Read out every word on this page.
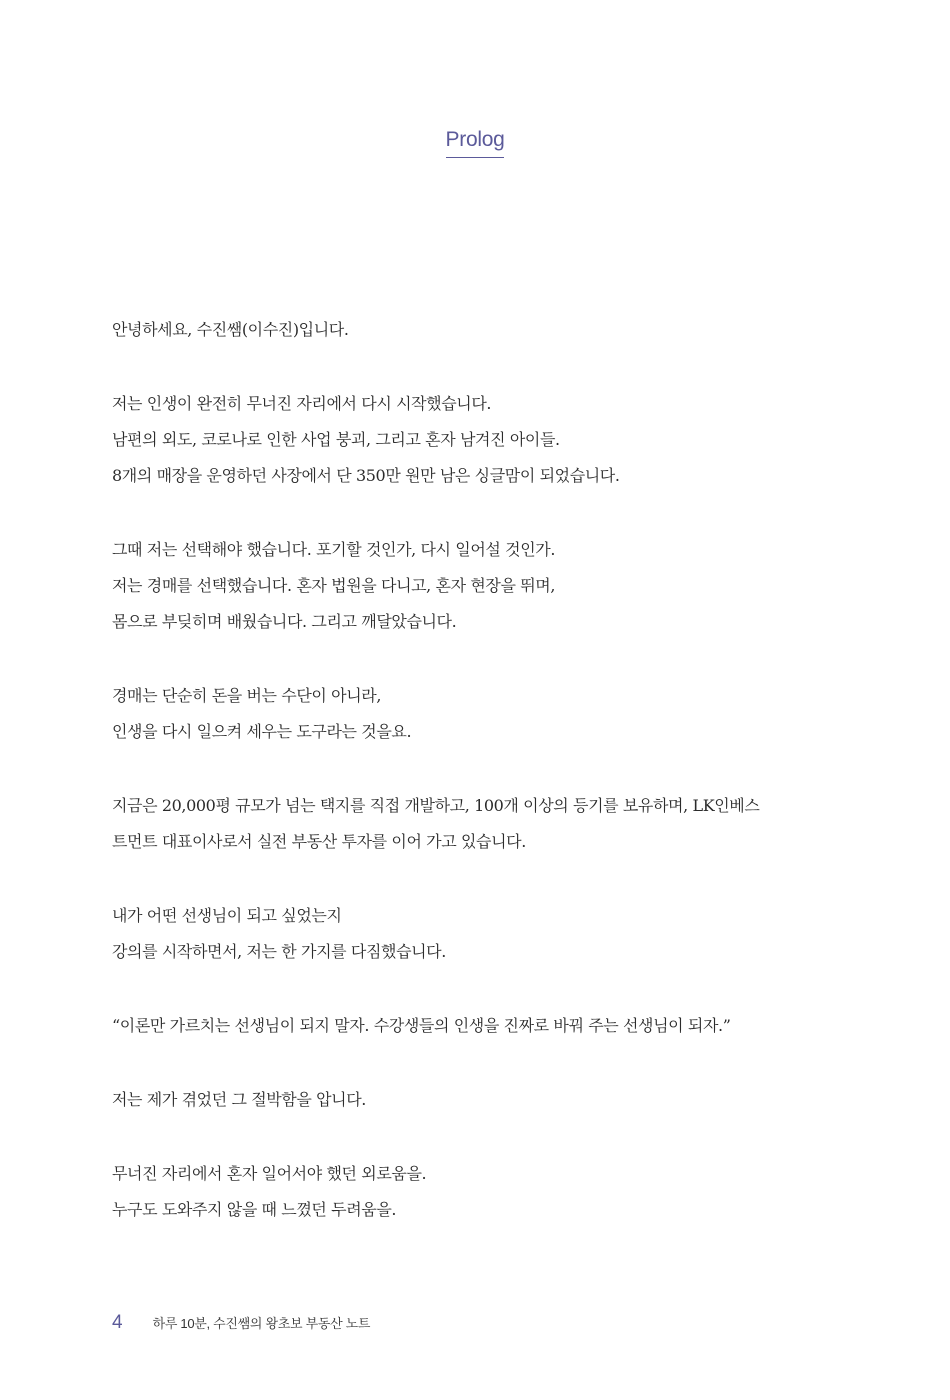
Prolog
안녕하세요, 수진쌤(이수진)입니다.
저는 인생이 완전히 무너진 자리에서 다시 시작했습니다.
남편의 외도, 코로나로 인한 사업 붕괴, 그리고 혼자 남겨진 아이들.
8개의 매장을 운영하던 사장에서 단 350만 원만 남은 싱글맘이 되었습니다.
그때 저는 선택해야 했습니다. 포기할 것인가, 다시 일어설 것인가.
저는 경매를 선택했습니다. 혼자 법원을 다니고, 혼자 현장을 뛰며,
몸으로 부딪히며 배웠습니다. 그리고 깨달았습니다.
경매는 단순히 돈을 버는 수단이 아니라,
인생을 다시 일으켜 세우는 도구라는 것을요.
지금은 20,000평 규모가 넘는 택지를 직접 개발하고, 100개 이상의 등기를 보유하며, LK인베스
트먼트 대표이사로서 실전 부동산 투자를 이어 가고 있습니다.
내가 어떤 선생님이 되고 싶었는지
강의를 시작하면서, 저는 한 가지를 다짐했습니다.
“이론만 가르치는 선생님이 되지 말자. 수강생들의 인생을 진짜로 바꿔 주는 선생님이 되자.”
저는 제가 겪었던 그 절박함을 압니다.
무너진 자리에서 혼자 일어서야 했던 외로움을.
누구도 도와주지 않을 때 느꼈던 두려움을.
4 하루 10분, 수진쌤의 왕초보 부동산 노트
